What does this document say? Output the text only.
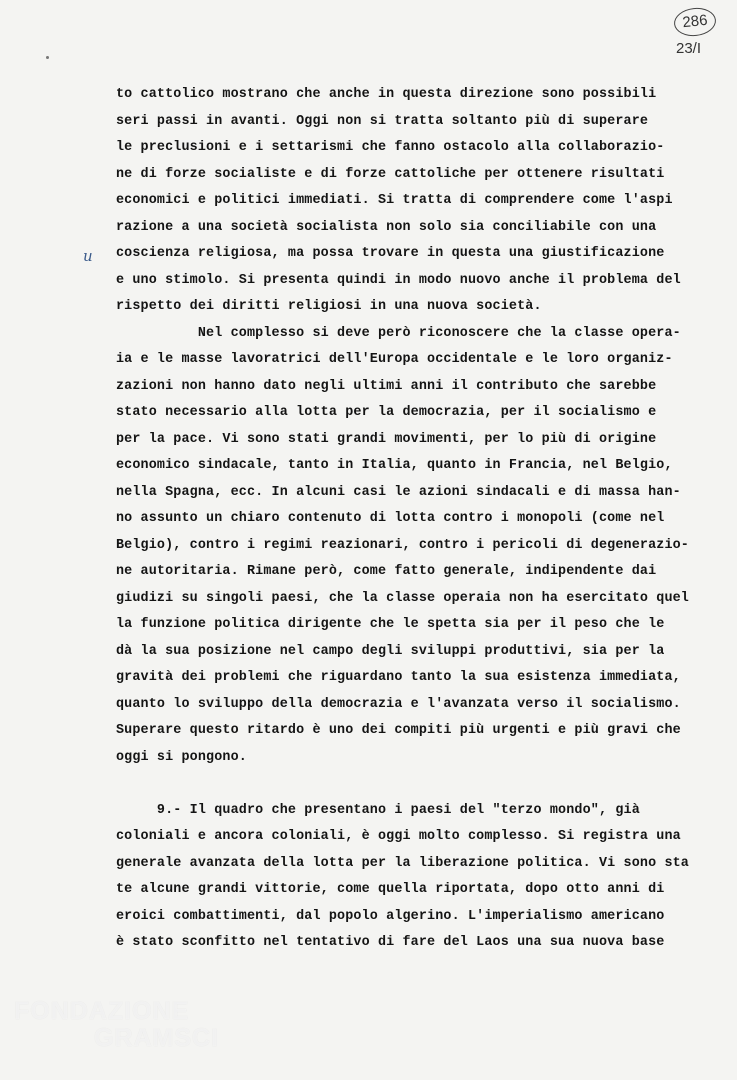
286
23/I
u
to cattolico mostrano che anche in questa direzione sono possibili
seri passi in avanti. Oggi non si tratta soltanto più di superare
le preclusioni e i settarismi che fanno ostacolo alla collaborazio-
ne di forze socialiste e di forze cattoliche per ottenere risultati
economici e politici immediati. Si tratta di comprendere come l'aspi
razione a una società socialista non solo sia conciliabile con una
coscienza religiosa, ma possa trovare in questa una giustificazione
e uno stimolo. Si presenta quindi in modo nuovo anche il problema del
rispetto dei diritti religiosi in una nuova società.
Nel complesso si deve però riconoscere che la classe opera-
ia e le masse lavoratrici dell'Europa occidentale e le loro organiz-
zazioni non hanno dato negli ultimi anni il contributo che sarebbe
stato necessario alla lotta per la democrazia, per il socialismo e
per la pace. Vi sono stati grandi movimenti, per lo più di origine
economico sindacale, tanto in Italia, quanto in Francia, nel Belgio,
nella Spagna, ecc. In alcuni casi le azioni sindacali e di massa han-
no assunto un chiaro contenuto di lotta contro i monopoli (come nel
Belgio), contro i regimi reazionari, contro i pericoli di degenerazio-
ne autoritaria. Rimane però, come fatto generale, indipendente dai
giudizi su singoli paesi, che la classe operaia non ha esercitato quel
la funzione politica dirigente che le spetta sia per il peso che le
dà la sua posizione nel campo degli sviluppi produttivi, sia per la
gravità dei problemi che riguardano tanto la sua esistenza immediata,
quanto lo sviluppo della democrazia e l'avanzata verso il socialismo.
Superare questo ritardo è uno dei compiti più urgenti e più gravi che
oggi si pongono.
9.- Il quadro che presentano i paesi del "terzo mondo", già
coloniali e ancora coloniali, è oggi molto complesso. Si registra una
generale avanzata della lotta per la liberazione politica. Vi sono sta
te alcune grandi vittorie, come quella riportata, dopo otto anni di
eroici combattimenti, dal popolo algerino. L'imperialismo americano
è stato sconfitto nel tentativo di fare del Laos una sua nuova base
FONDAZIONE
GRAMSCI
